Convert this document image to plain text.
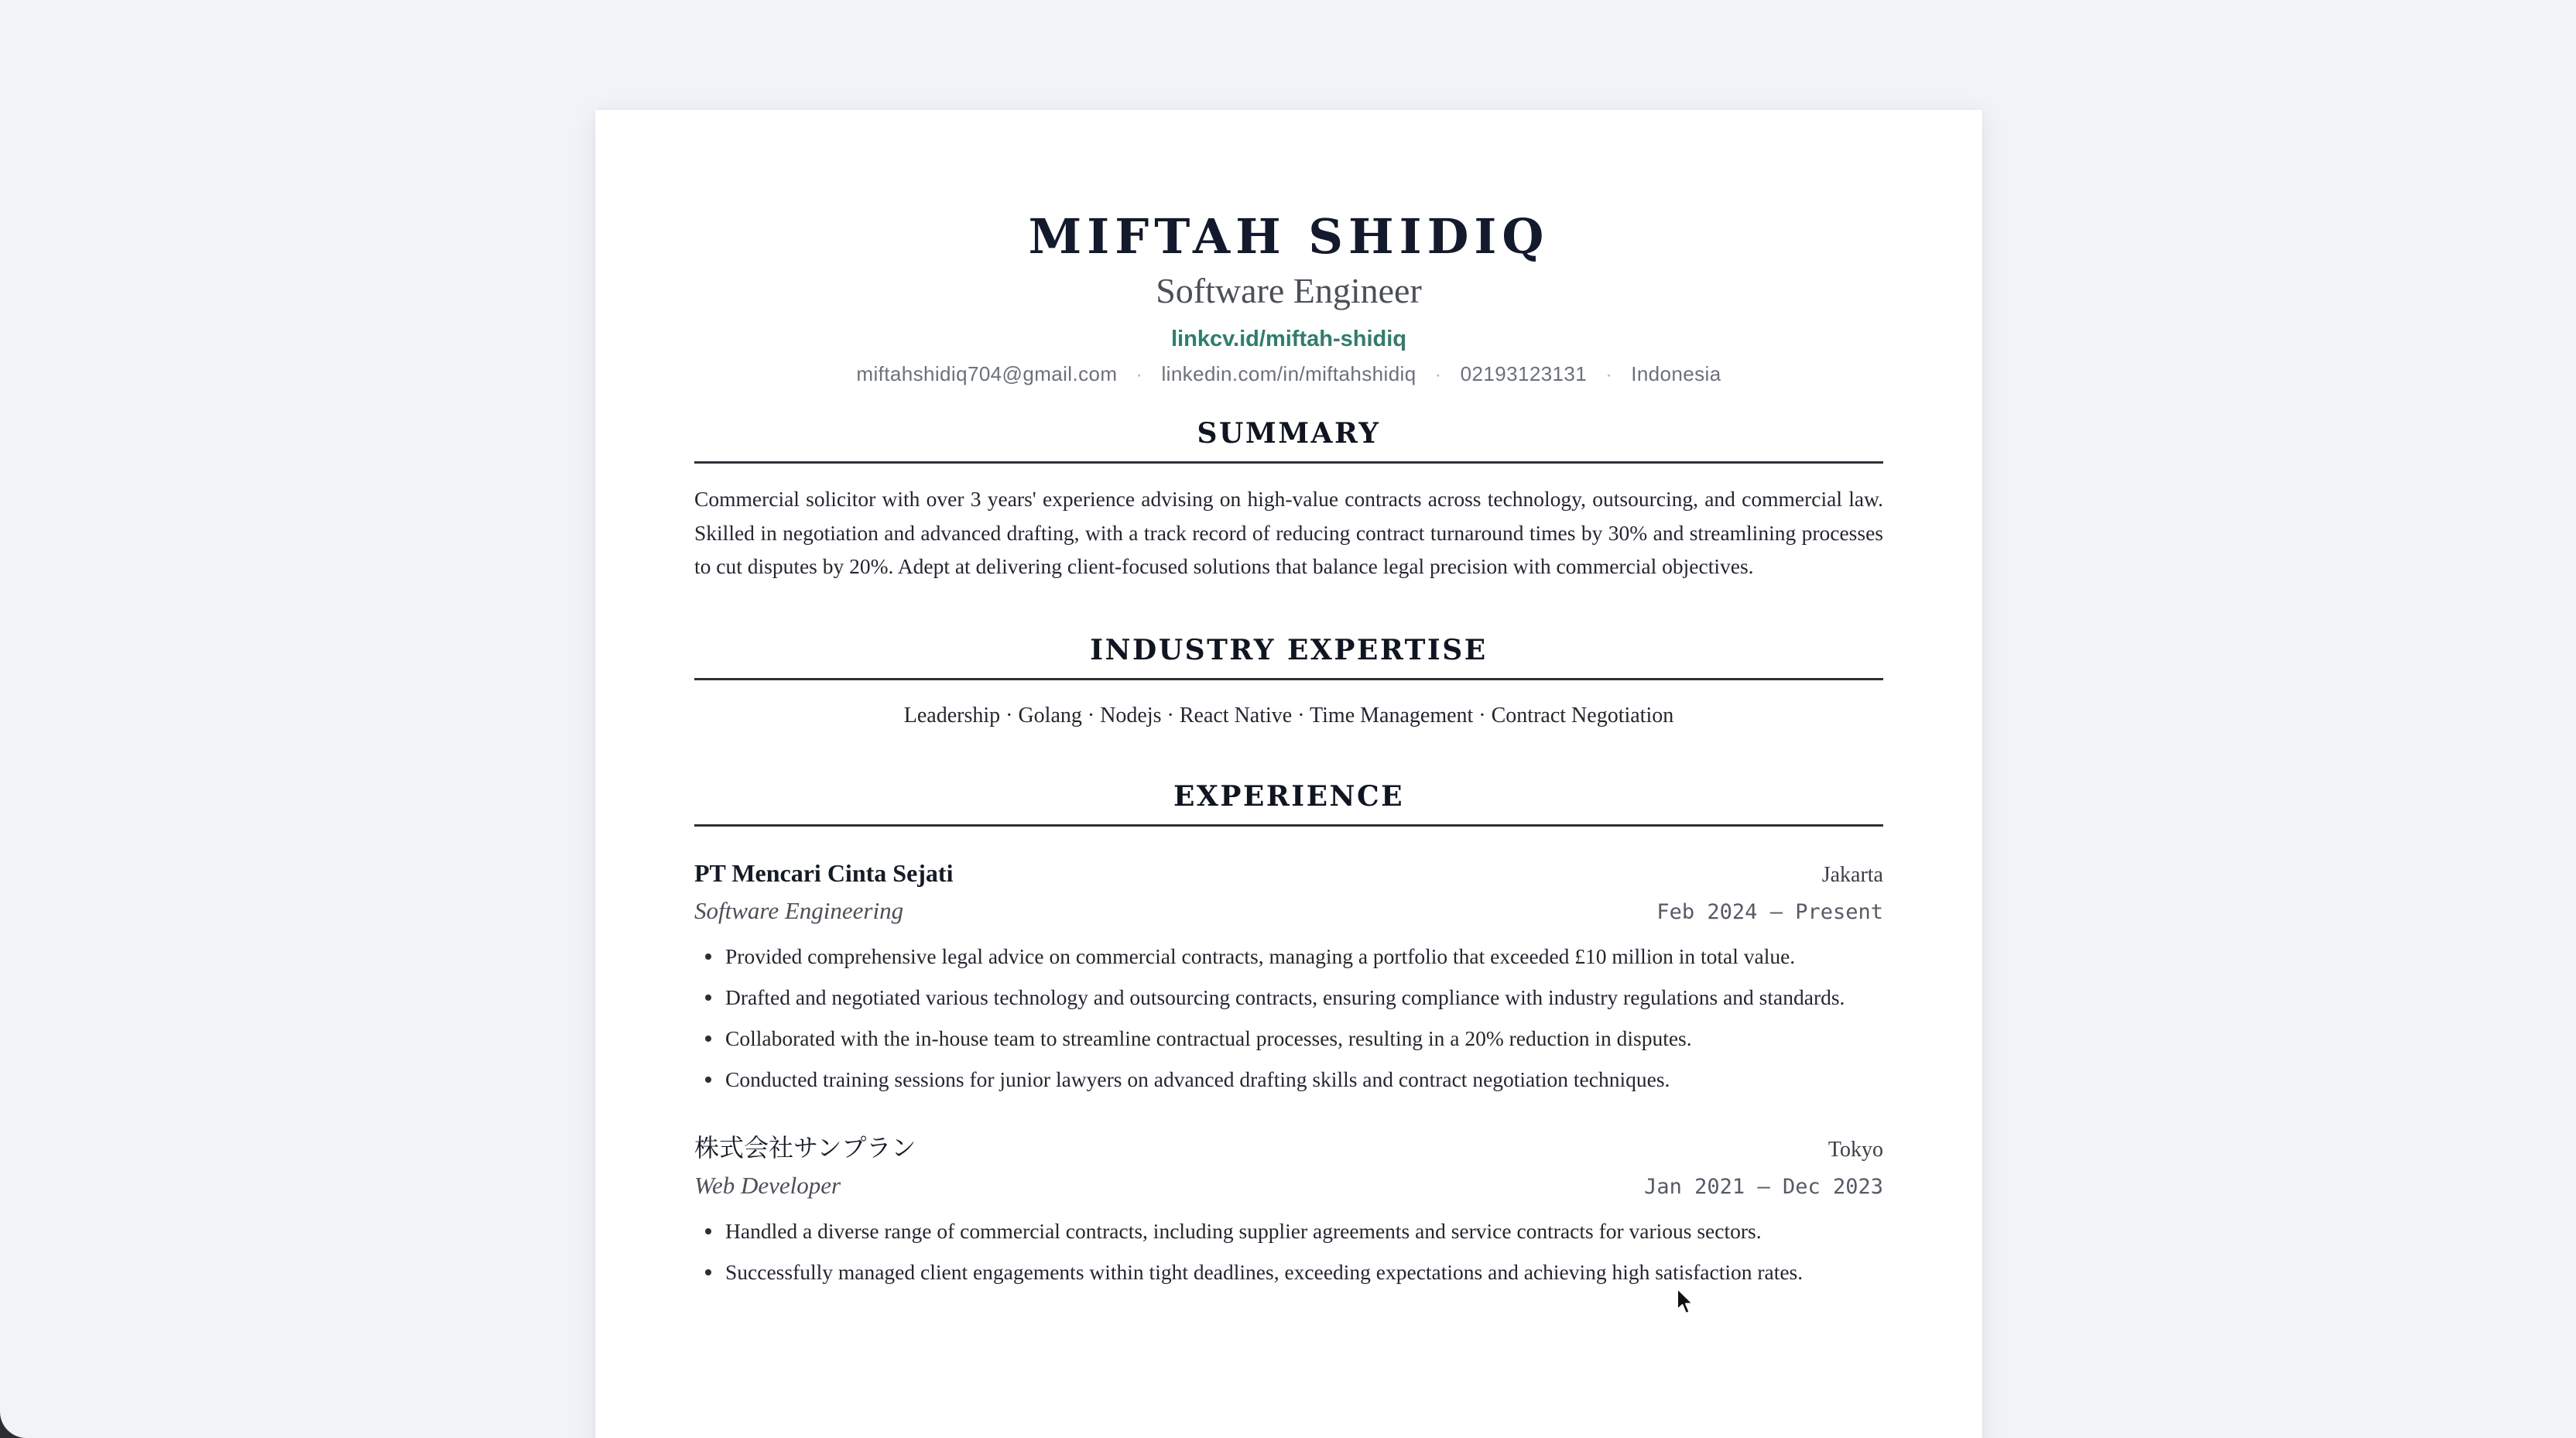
MIFTAH SHIDIQ
Software Engineer
linkcv.id/miftah-shidiq
miftahshidiq704@gmail.com · linkedin.com/in/miftahshidiq · 02193123131 · Indonesia
SUMMARY
Commercial solicitor with over 3 years' experience advising on high-value contracts across technology, outsourcing, and commercial law. Skilled in negotiation and advanced drafting, with a track record of reducing contract turnaround times by 30% and streamlining processes to cut disputes by 20%. Adept at delivering client-focused solutions that balance legal precision with commercial objectives.
INDUSTRY EXPERTISE
Leadership · Golang · Nodejs · React Native · Time Management · Contract Negotiation
EXPERIENCE
PT Mencari Cinta Sejati	Jakarta
Software Engineering	Feb 2024 — Present
Provided comprehensive legal advice on commercial contracts, managing a portfolio that exceeded £10 million in total value.
Drafted and negotiated various technology and outsourcing contracts, ensuring compliance with industry regulations and standards.
Collaborated with the in-house team to streamline contractual processes, resulting in a 20% reduction in disputes.
Conducted training sessions for junior lawyers on advanced drafting skills and contract negotiation techniques.
株式会社サンプラン	Tokyo
Web Developer	Jan 2021 — Dec 2023
Handled a diverse range of commercial contracts, including supplier agreements and service contracts for various sectors.
Successfully managed client engagements within tight deadlines, exceeding expectations and achieving high satisfaction rates.
